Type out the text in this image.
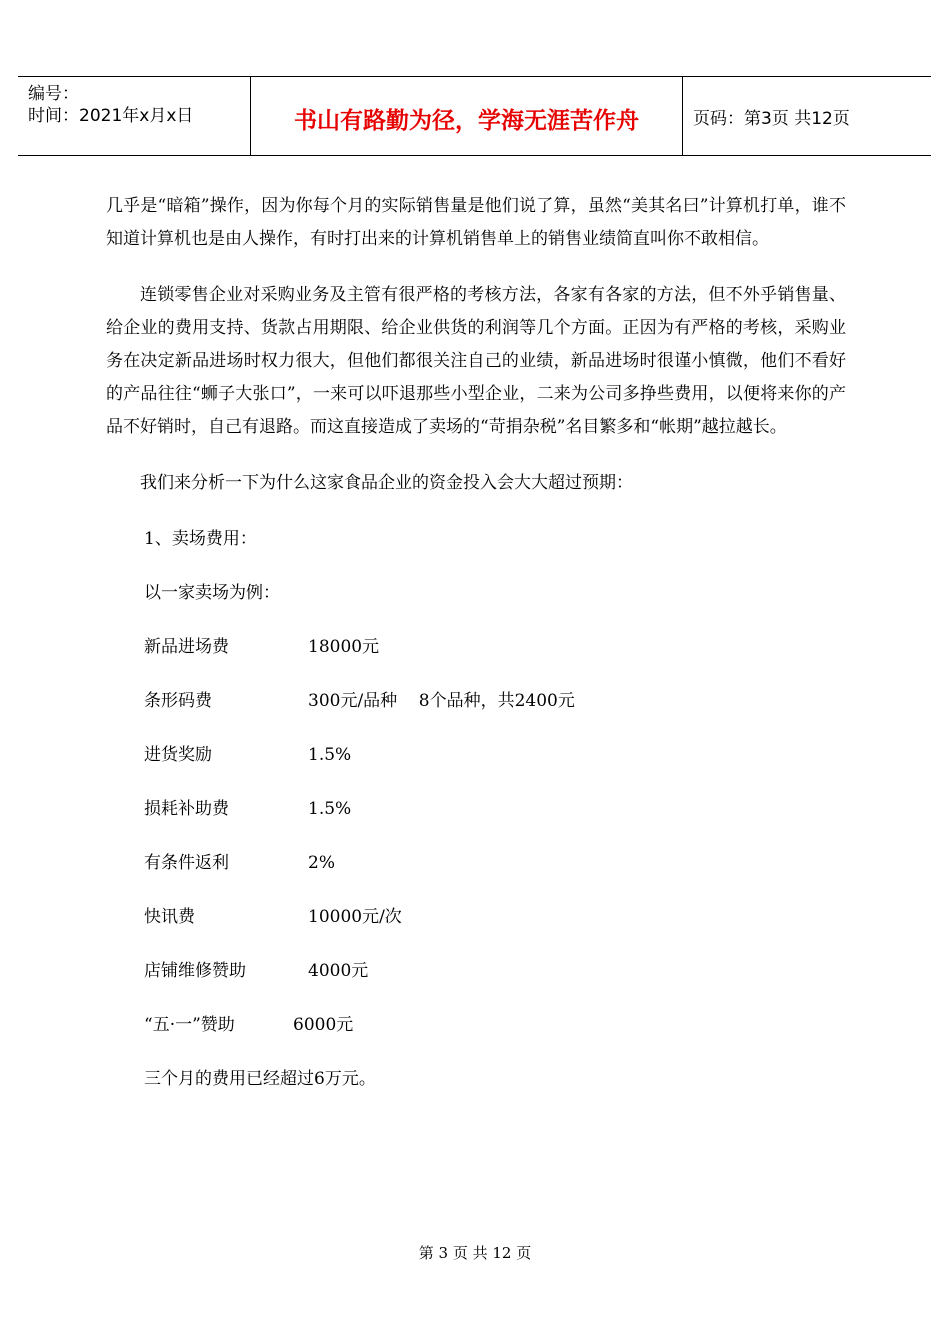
编号：
时间：2021年x月x日	书山有路勤为径，学海无涯苦作舟	页码：第3页 共12页

几乎是“暗箱”操作，因为你每个月的实际销售量是他们说了算，虽然“美其名曰”计算机打单，谁不知道计算机也是由人操作，有时打出来的计算机销售单上的销售业绩简直叫你不敢相信。

连锁零售企业对采购业务及主管有很严格的考核方法，各家有各家的方法，但不外乎销售量、给企业的费用支持、货款占用期限、给企业供货的利润等几个方面。正因为有严格的考核，采购业务在决定新品进场时权力很大，但他们都很关注自己的业绩，新品进场时很谨小慎微，他们不看好的产品往往“蛳子大张口”，一来可以吓退那些小型企业，二来为公司多挣些费用，以便将来你的产品不好销时，自己有退路。而这直接造成了卖场的“苛捐杂税”名目繁多和“帐期”越拉越长。

我们来分析一下为什么这家食品企业的资金投入会大大超过预期：

1、卖场费用：
以一家卖场为例：
新品进场费	18000元
条形码费	300元/品种    8个品种，共2400元
进货奖励	1.5%
损耗补助费	1.5%
有条件返利	2%
快讯费	10000元/次
店铺维修赞助	4000元
“五·一”赞助	6000元
三个月的费用已经超过6万元。
第 3 页 共 12 页
